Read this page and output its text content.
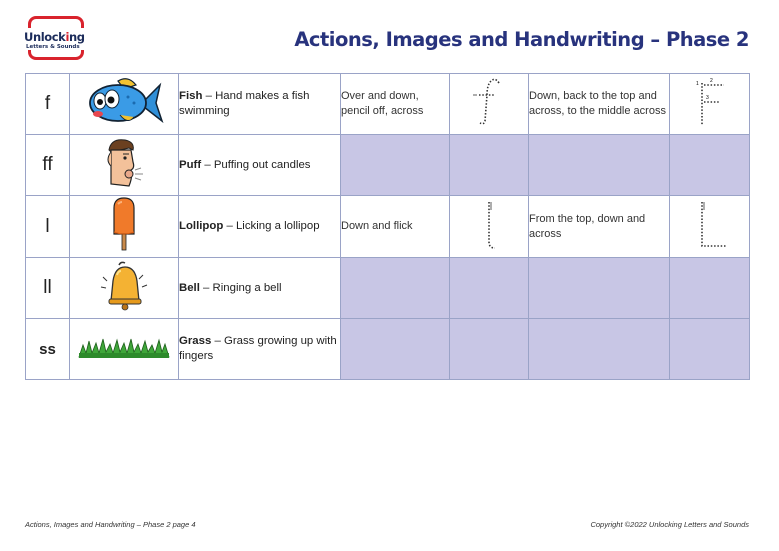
Unlocking
Letters & Sounds	Actions, Images and Handwriting – Phase 2
f		Fish – Hand makes a fish swimming	Over and down, pencil off, across		Down, back to the top and across, to the middle across	1 2
3

ff		Puff – Puffing out candles				
l		Lollipop – Licking a lollipop	Down and flick		From the top, down and across	
ll		Bell – Ringing a bell				
ss		Grass – Grass growing up with fingers				
Actions, Images and Handwriting – Phase 2 page 4	Copyright ©2022 Unlocking Letters and Sounds
